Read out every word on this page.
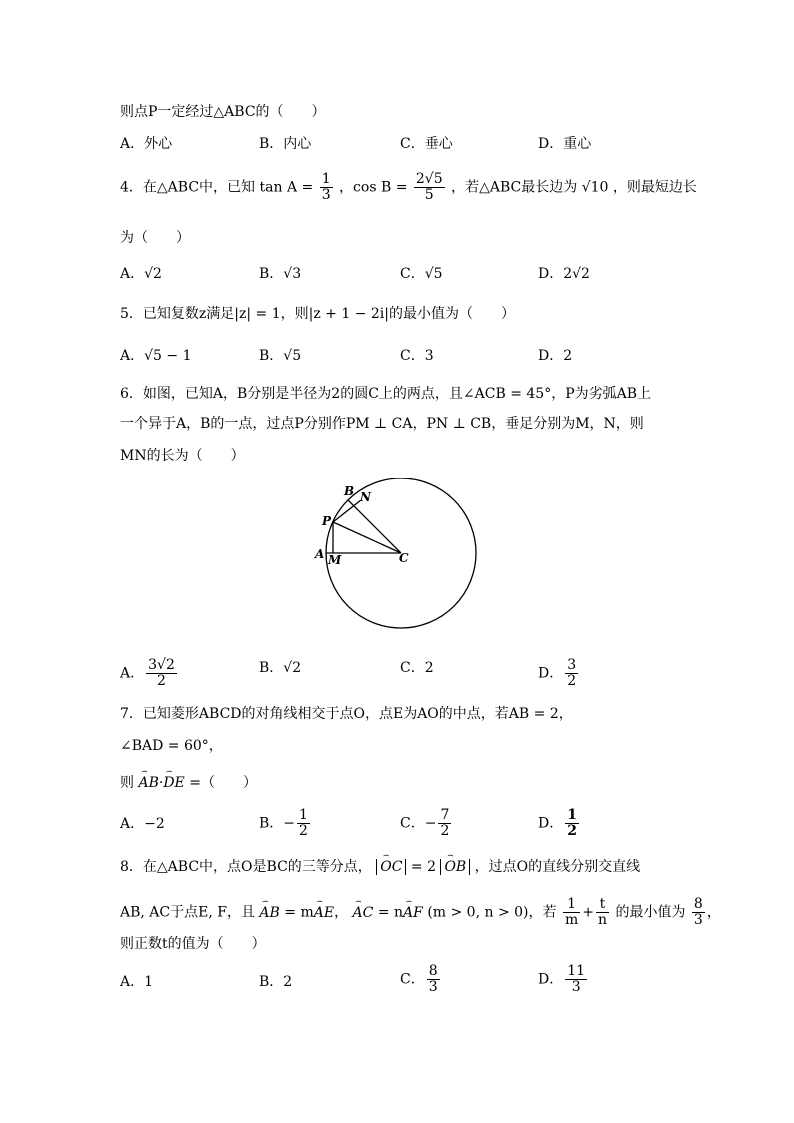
则点P一定经过△ABC的（　　）
A．外心	B．内心	C．垂心	D．重心
4．在△ABC中，已知 $\tan A = \frac{1}{3}$ ，$\cos B = \frac{2√5}{5}$ ，若△ABC最长边为 √10 ，则最短边长
为（　　）
A．√2	B．√3	C．√5	D．2√2
5．已知复数z满足|z| = 1，则|z + 1 − 2i|的最小值为（　　）
A．√5 − 1	B．√5	C．3	D．2
6．如图，已知A，B分别是半径为2的圆C上的两点，且∠ACB = 45°，P为劣弧AB上
一个异于A，B的一点，过点P分别作PM ⊥ CA，PN ⊥ CB，垂足分别为M，N，则
MN的长为（　　）
B N
P
A M	C
A． $\frac{3√2}{2}$	B．√2	C．2	D． $\frac{3}{2}$
7．已知菱形ABCD的对角线相交于点O，点E为AO的中点，若AB = 2，
∠BAD = 60°，
则 ⌢ AB·⌢ DE =（　　）
A．−2	B．− $\frac{1}{2}$	C．− $\frac{7}{2}$	D． $\frac{1}{2}$
8．在△ABC中，点O是BC的三等分点， ⌢ OC = 2 ⌢ OB ，过点O的直线分别交直线
AB, AC于点E, F，且 ⌢ AB = m⌢ AE， ⌢ AC = n⌢ AF (m > 0, n > 0)，若 $\frac{1}{m} + \frac{t}{n}$ 的最小值为 $\frac{8}{3}$ ，
则正数t的值为（　　）
A．1	B．2	C． $\frac{8}{3}$	D． $\frac{11}{3}$
